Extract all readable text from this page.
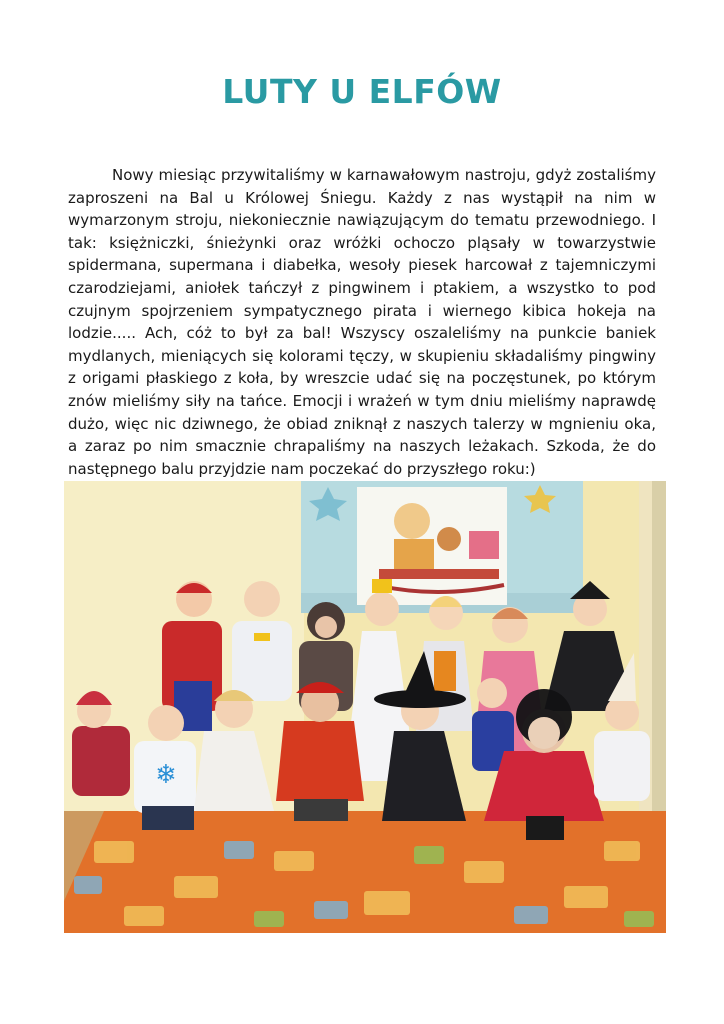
LUTY U ELFÓW

Nowy miesiąc przywitaliśmy w karnawałowym nastroju, gdyż zostaliśmy zaproszeni na Bal u Królowej Śniegu. Każdy z nas wystąpił na nim w wymarzonym stroju, niekoniecznie nawiązującym do tematu przewodniego. I tak: księżniczki, śnieżynki oraz wróżki ochoczo pląsały w towarzystwie spidermana, supermana i diabełka, wesoły piesek harcował z tajemniczymi czarodziejami, aniołek tańczył z pingwinem i ptakiem, a wszystko to pod czujnym spojrzeniem sympatycznego pirata i wiernego kibica hokeja na lodzie..... Ach, cóż to był za bal! Wszyscy oszaleliśmy na punkcie baniek mydlanych, mieniących się kolorami tęczy, w skupieniu składaliśmy pingwiny z origami płaskiego z koła, by wreszcie udać się na poczęstunek, po którym znów mieliśmy siły na tańce. Emocji i wrażeń w tym dniu mieliśmy naprawdę dużo, więc nic dziwnego, że obiad zniknął z naszych talerzy w mgnieniu oka, a zaraz po nim smacznie chrapaliśmy na naszych leżakach. Szkoda, że do następnego balu przyjdzie nam poczekać do przyszłego roku:)

❄
